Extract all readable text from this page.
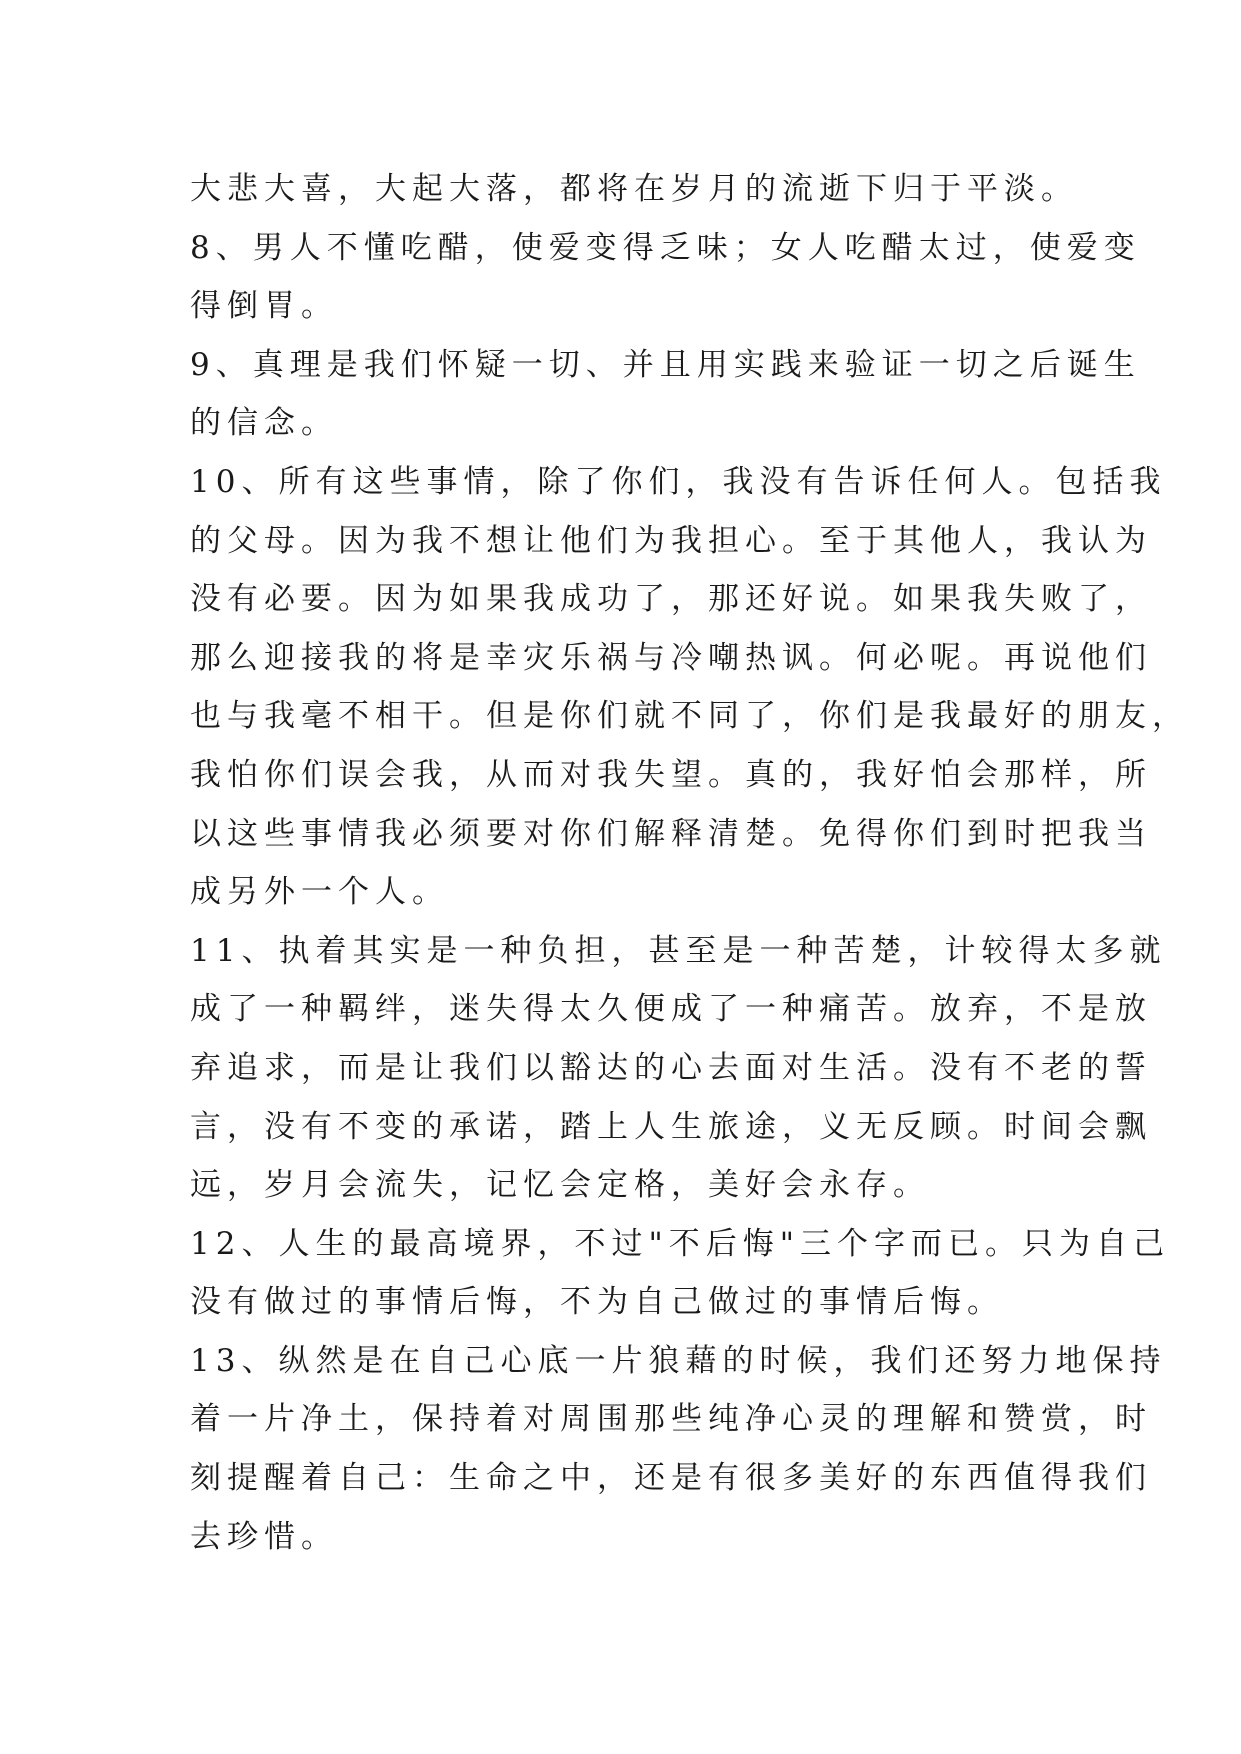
大悲大喜，大起大落，都将在岁月的流逝下归于平淡。
8、男人不懂吃醋，使爱变得乏味；女人吃醋太过，使爱变
得倒胃。
9、真理是我们怀疑一切、并且用实践来验证一切之后诞生
的信念。
10、所有这些事情，除了你们，我没有告诉任何人。包括我
的父母。因为我不想让他们为我担心。至于其他人，我认为
没有必要。因为如果我成功了，那还好说。如果我失败了，
那么迎接我的将是幸灾乐祸与冷嘲热讽。何必呢。再说他们
也与我毫不相干。但是你们就不同了，你们是我最好的朋友，
我怕你们误会我，从而对我失望。真的，我好怕会那样，所
以这些事情我必须要对你们解释清楚。免得你们到时把我当
成另外一个人。
11、执着其实是一种负担，甚至是一种苦楚，计较得太多就
成了一种羁绊，迷失得太久便成了一种痛苦。放弃，不是放
弃追求，而是让我们以豁达的心去面对生活。没有不老的誓
言，没有不变的承诺，踏上人生旅途，义无反顾。时间会飘
远，岁月会流失，记忆会定格，美好会永存。
12、人生的最高境界，不过"不后悔"三个字而已。只为自己
没有做过的事情后悔，不为自己做过的事情后悔。
13、纵然是在自己心底一片狼藉的时候，我们还努力地保持
着一片净土，保持着对周围那些纯净心灵的理解和赞赏，时
刻提醒着自己：生命之中，还是有很多美好的东西值得我们
去珍惜。
